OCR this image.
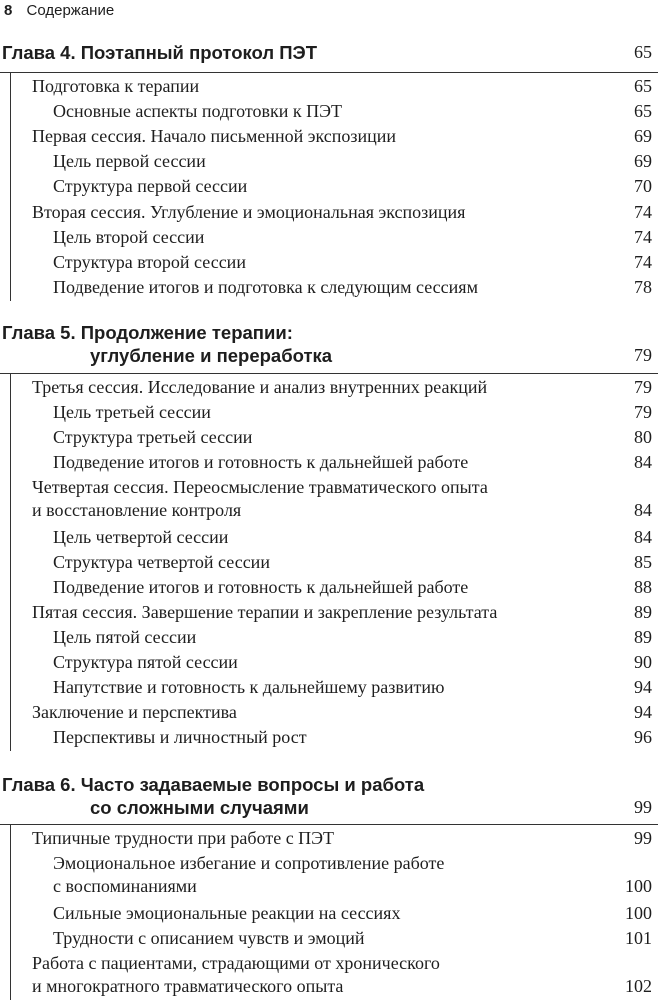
8 Содержание
Глава 4. Поэтапный протокол ПЭТ	65
Подготовка к терапии	65
Основные аспекты подготовки к ПЭТ	65
Первая сессия. Начало письменной экспозиции	69
Цель первой сессии	69
Структура первой сессии	70
Вторая сессия. Углубление и эмоциональная экспозиция	74
Цель второй сессии	74
Структура второй сессии	74
Подведение итогов и подготовка к следующим сессиям	78
Глава 5. Продолжение терапии:
углубление и переработка	79
Третья сессия. Исследование и анализ внутренних реакций	79
Цель третьей сессии	79
Структура третьей сессии	80
Подведение итогов и готовность к дальнейшей работе	84
Четвертая сессия. Переосмысление травматического опыта
и восстановление контроля	84
Цель четвертой сессии	84
Структура четвертой сессии	85
Подведение итогов и готовность к дальнейшей работе	88
Пятая сессия. Завершение терапии и закрепление результата	89
Цель пятой сессии	89
Структура пятой сессии	90
Напутствие и готовность к дальнейшему развитию	94
Заключение и перспектива	94
Перспективы и личностный рост	96
Глава 6. Часто задаваемые вопросы и работа
со сложными случаями	99
Типичные трудности при работе с ПЭТ	99
Эмоциональное избегание и сопротивление работе
с воспоминаниями	100
Сильные эмоциональные реакции на сессиях	100
Трудности с описанием чувств и эмоций	101
Работа с пациентами, страдающими от хронического
и многократного травматического опыта	102
